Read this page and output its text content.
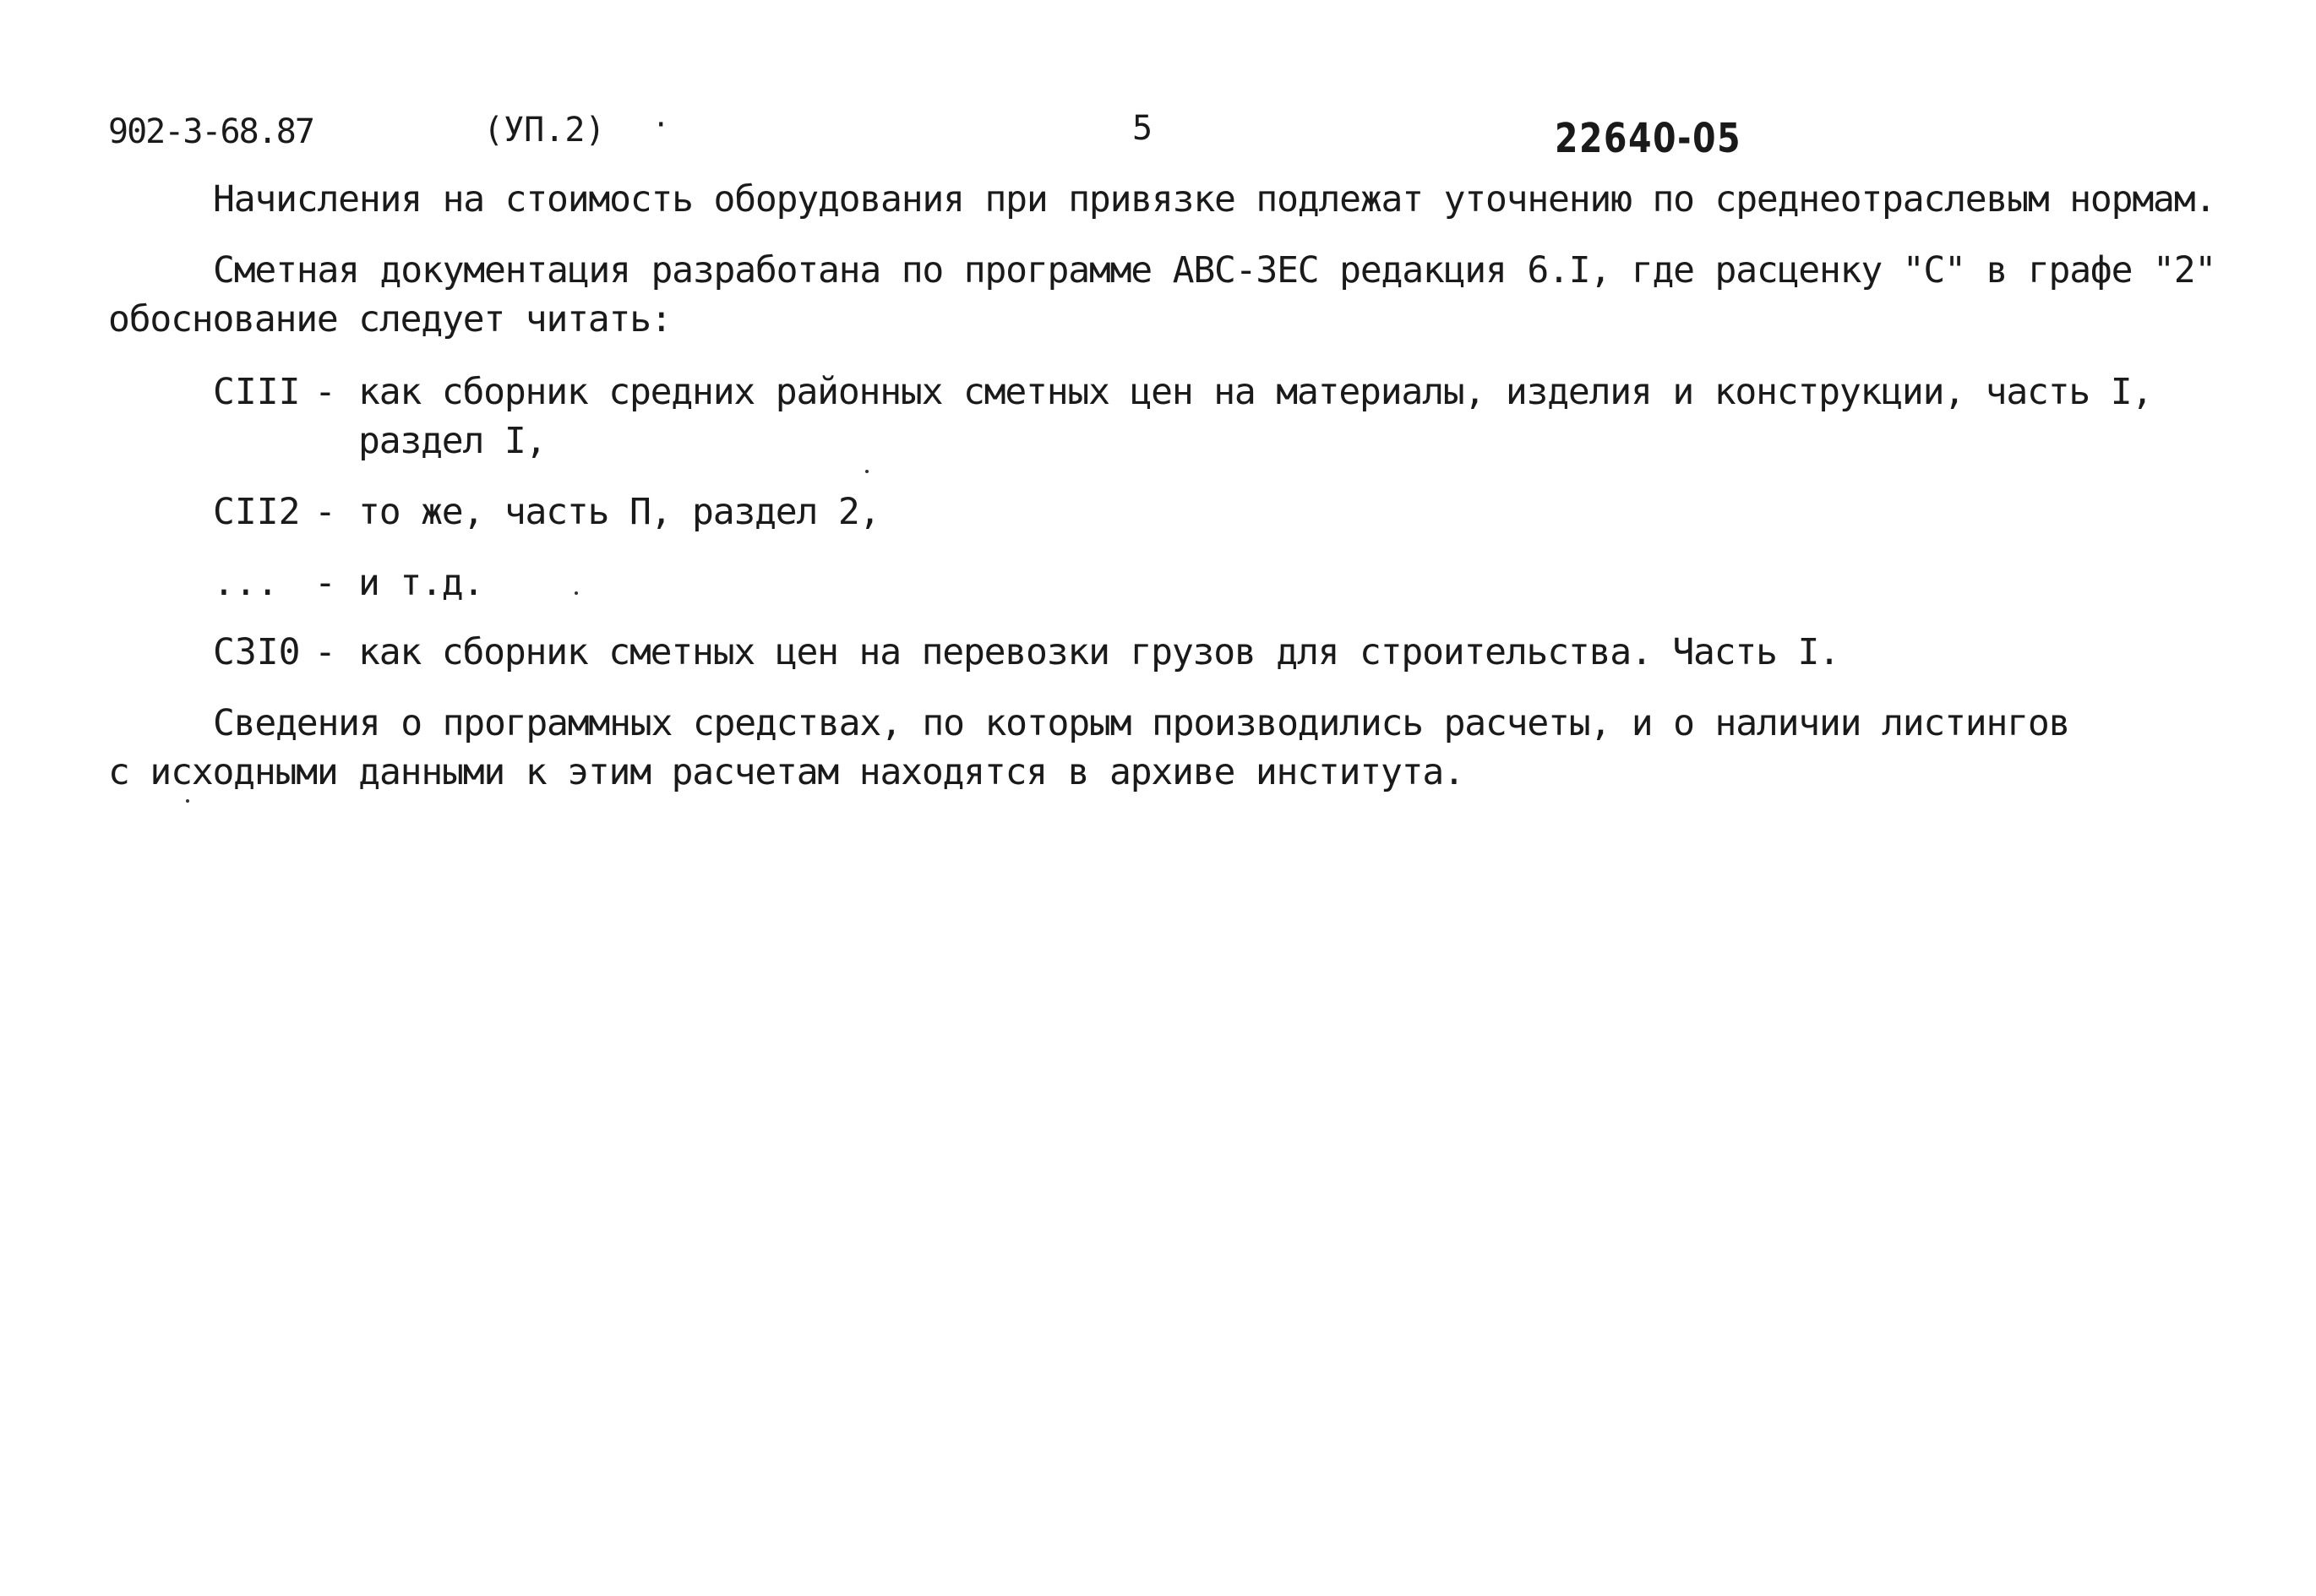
902-3-68.87	(УП.2) ·	5	22640-05
Начисления на стоимость оборудования при привязке подлежат уточнению по среднеотраслевым нормам.
Сметная документация разработана по программе АВС-ЗЕС редакция 6.I, где расценку "С" в графе "2"
обоснование следует читать:
CIII - как сборник средних районных сметных цен на материалы, изделия и конструкции, часть I,
раздел I,
CII2 - то же, часть П, раздел 2,
... - и т.д.
C3I0 - как сборник сметных цен на перевозки грузов для строительства. Часть I.
Сведения о программных средствах, по которым производились расчеты, и о наличии листингов
с исходными данными к этим расчетам находятся в архиве института.
